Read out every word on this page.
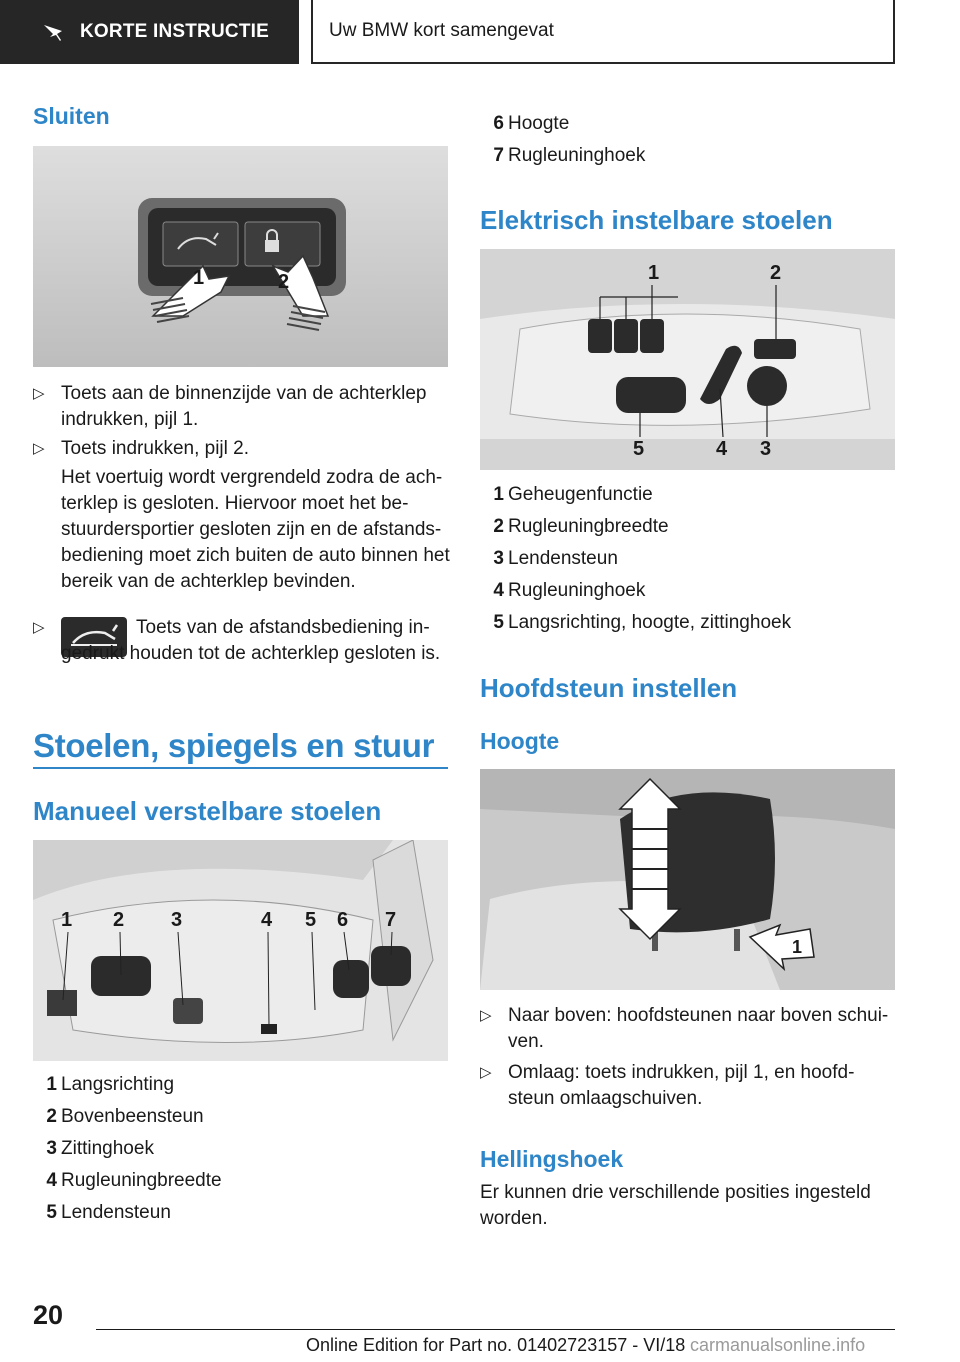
KORTE INSTRUCTIE	Uw BMW kort samengevat
Sluiten
1	2
▷ Toets aan de binnenzijde van de achterklep indrukken, pijl 1.
▷ Toets indrukken, pijl 2.

Het voertuig wordt vergrendeld zodra de ach-terklep is gesloten. Hiervoor moet het be-stuurdersportier gesloten zijn en de afstands-bediening moet zich buiten de auto binnen het bereik van de achterklep bevinden.

▷	Toets van de afstandsbediening in-gedrukt houden tot de achterklep gesloten is.
Stoelen, spiegels en stuur
Manueel verstelbare stoelen
1 2 3	4 5 6 7
1 Langsrichting
2 Bovenbeensteun
3 Zittinghoek
4 Rugleuningbreedte
5 Lendensteun
6 Hoogte
7 Rugleuninghoek
Elektrisch instelbare stoelen
1	2
5	4 3
1 Geheugenfunctie
2 Rugleuningbreedte
3 Lendensteun
4 Rugleuninghoek
5 Langsrichting, hoogte, zittinghoek
Hoofdsteun instellen
Hoogte
1
▷ Naar boven: hoofdsteunen naar boven schui-ven.
▷ Omlaag: toets indrukken, pijl 1, en hoofd-steun omlaagschuiven.
Hellingshoek

Er kunnen drie verschillende posities ingesteld worden.

20
Online Edition for Part no. 01402723157 - VI/18 carmanualsonline.info
